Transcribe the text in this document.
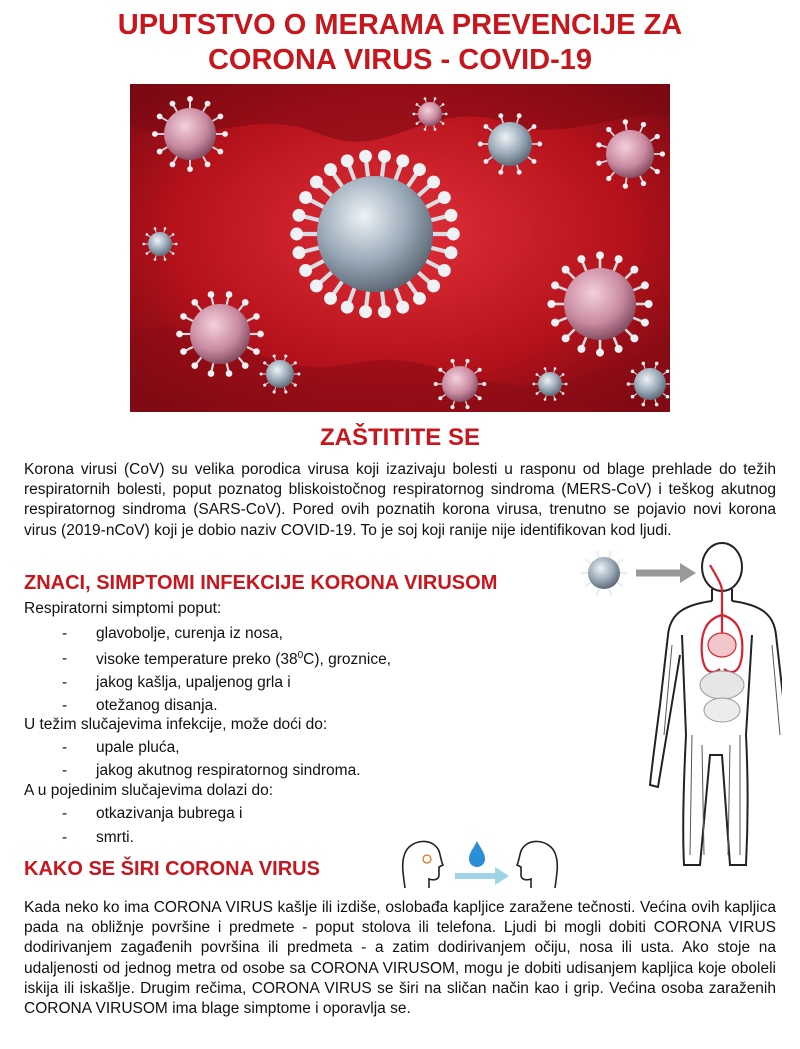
UPUTSTVO O MERAMA PREVENCIJE ZA
CORONA VIRUS - COVID-19
ZAŠTITITE SE
Korona virusi (CoV) su velika porodica virusa koji izazivaju bolesti u rasponu od blage prehlade do težih respiratornih bolesti, poput poznatog bliskoistočnog respiratornog sindroma (MERS-CoV) i teškog akutnog respiratornog sindroma (SARS-CoV). Pored ovih poznatih korona virusa, trenutno se pojavio novi korona virus (2019-nCoV) koji je dobio naziv COVID-19. To je soj koji ranije nije identifikovan kod ljudi.
ZNACI, SIMPTOMI INFEKCIJE KORONA VIRUSOM
Respiratorni simptomi poput:
- glavobolje, curenja iz nosa,
- visoke temperature preko $(38^0C)$, groznice,
- jakog kašlja, upaljenog grla i
- otežanog disanja.
U težim slučajevima infekcije, može doći do:
- upale pluća,
- jakog akutnog respiratornog sindroma.
A u pojedinim slučajevima dolazi do:
- otkazivanja bubrega i
- smrti.
KAKO SE ŠIRI CORONA VIRUS
Kada neko ko ima CORONA VIRUS kašlje ili izdiše, oslobađa kapljice zaražene tečnosti. Većina ovih kapljica pada na obližnje površine i predmete - poput stolova ili telefona. Ljudi bi mogli dobiti CORONA VIRUS dodirivanjem zagađenih površina ili predmeta - a zatim dodirivanjem očiju, nosa ili usta. Ako stoje na udaljenosti od jednog metra od osobe sa CORONA VIRUSOM, mogu je dobiti udisanjem kapljica koje oboleli iskija ili iskašlje. Drugim rečima, CORONA VIRUS se širi na sličan način kao i grip. Većina osoba zaraženih CORONA VIRUSOM ima blage simptome i oporavlja se.
